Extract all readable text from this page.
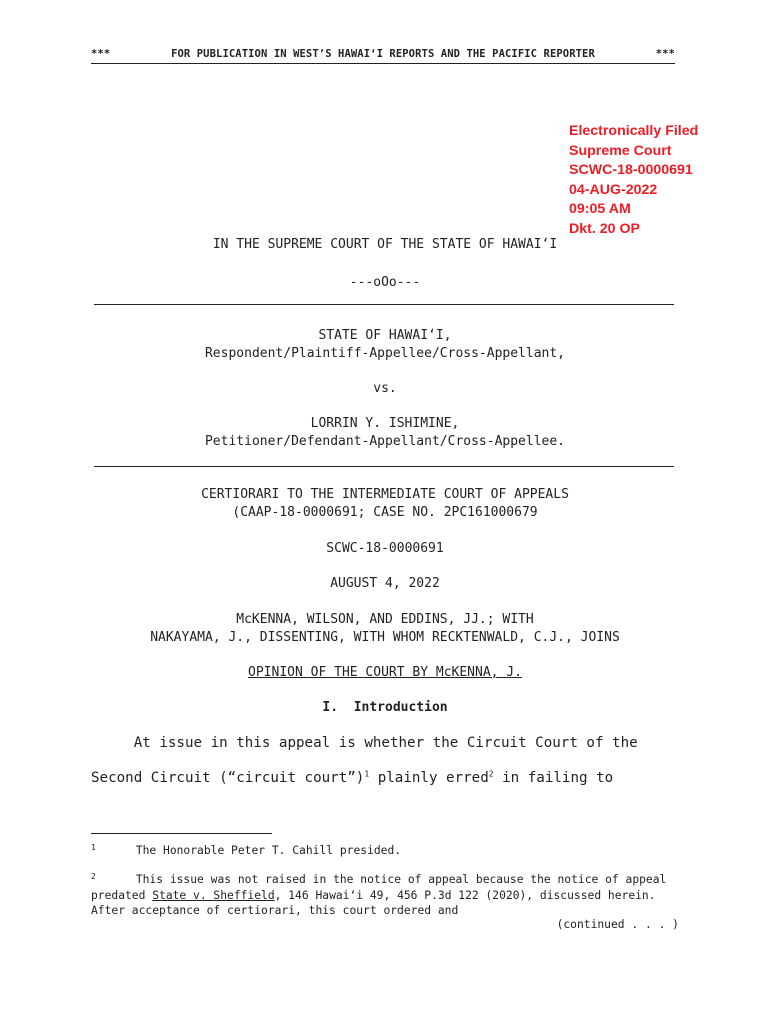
***	FOR PUBLICATION IN WEST’S HAWAIʻI REPORTS AND THE PACIFIC REPORTER	***
Electronically Filed
Supreme Court
SCWC-18-0000691
04-AUG-2022
09:05 AM
Dkt. 20 OP
IN THE SUPREME COURT OF THE STATE OF HAWAIʻI
---oOo---
STATE OF HAWAIʻI,
Respondent/Plaintiff-Appellee/Cross-Appellant,
vs.
LORRIN Y. ISHIMINE,
Petitioner/Defendant-Appellant/Cross-Appellee.
CERTIORARI TO THE INTERMEDIATE COURT OF APPEALS
(CAAP-18-0000691; CASE NO. 2PC161000679
SCWC-18-0000691
AUGUST 4, 2022
McKENNA, WILSON, AND EDDINS, JJ.; WITH
NAKAYAMA, J., DISSENTING, WITH WHOM RECKTENWALD, C.J., JOINS
OPINION OF THE COURT BY McKENNA, J.
I. Introduction
At issue in this appeal is whether the Circuit Court of the
Second Circuit (“circuit court”)$^1$ plainly erred$^2$ in failing to
$^1$	The Honorable Peter T. Cahill presided.
$^2$	This issue was not raised in the notice of appeal because the notice of appeal predated State v. Sheffield, 146 Hawaiʻi 49, 456 P.3d 122 (2020), discussed herein. After acceptance of certiorari, this court ordered and
(continued . . . )
